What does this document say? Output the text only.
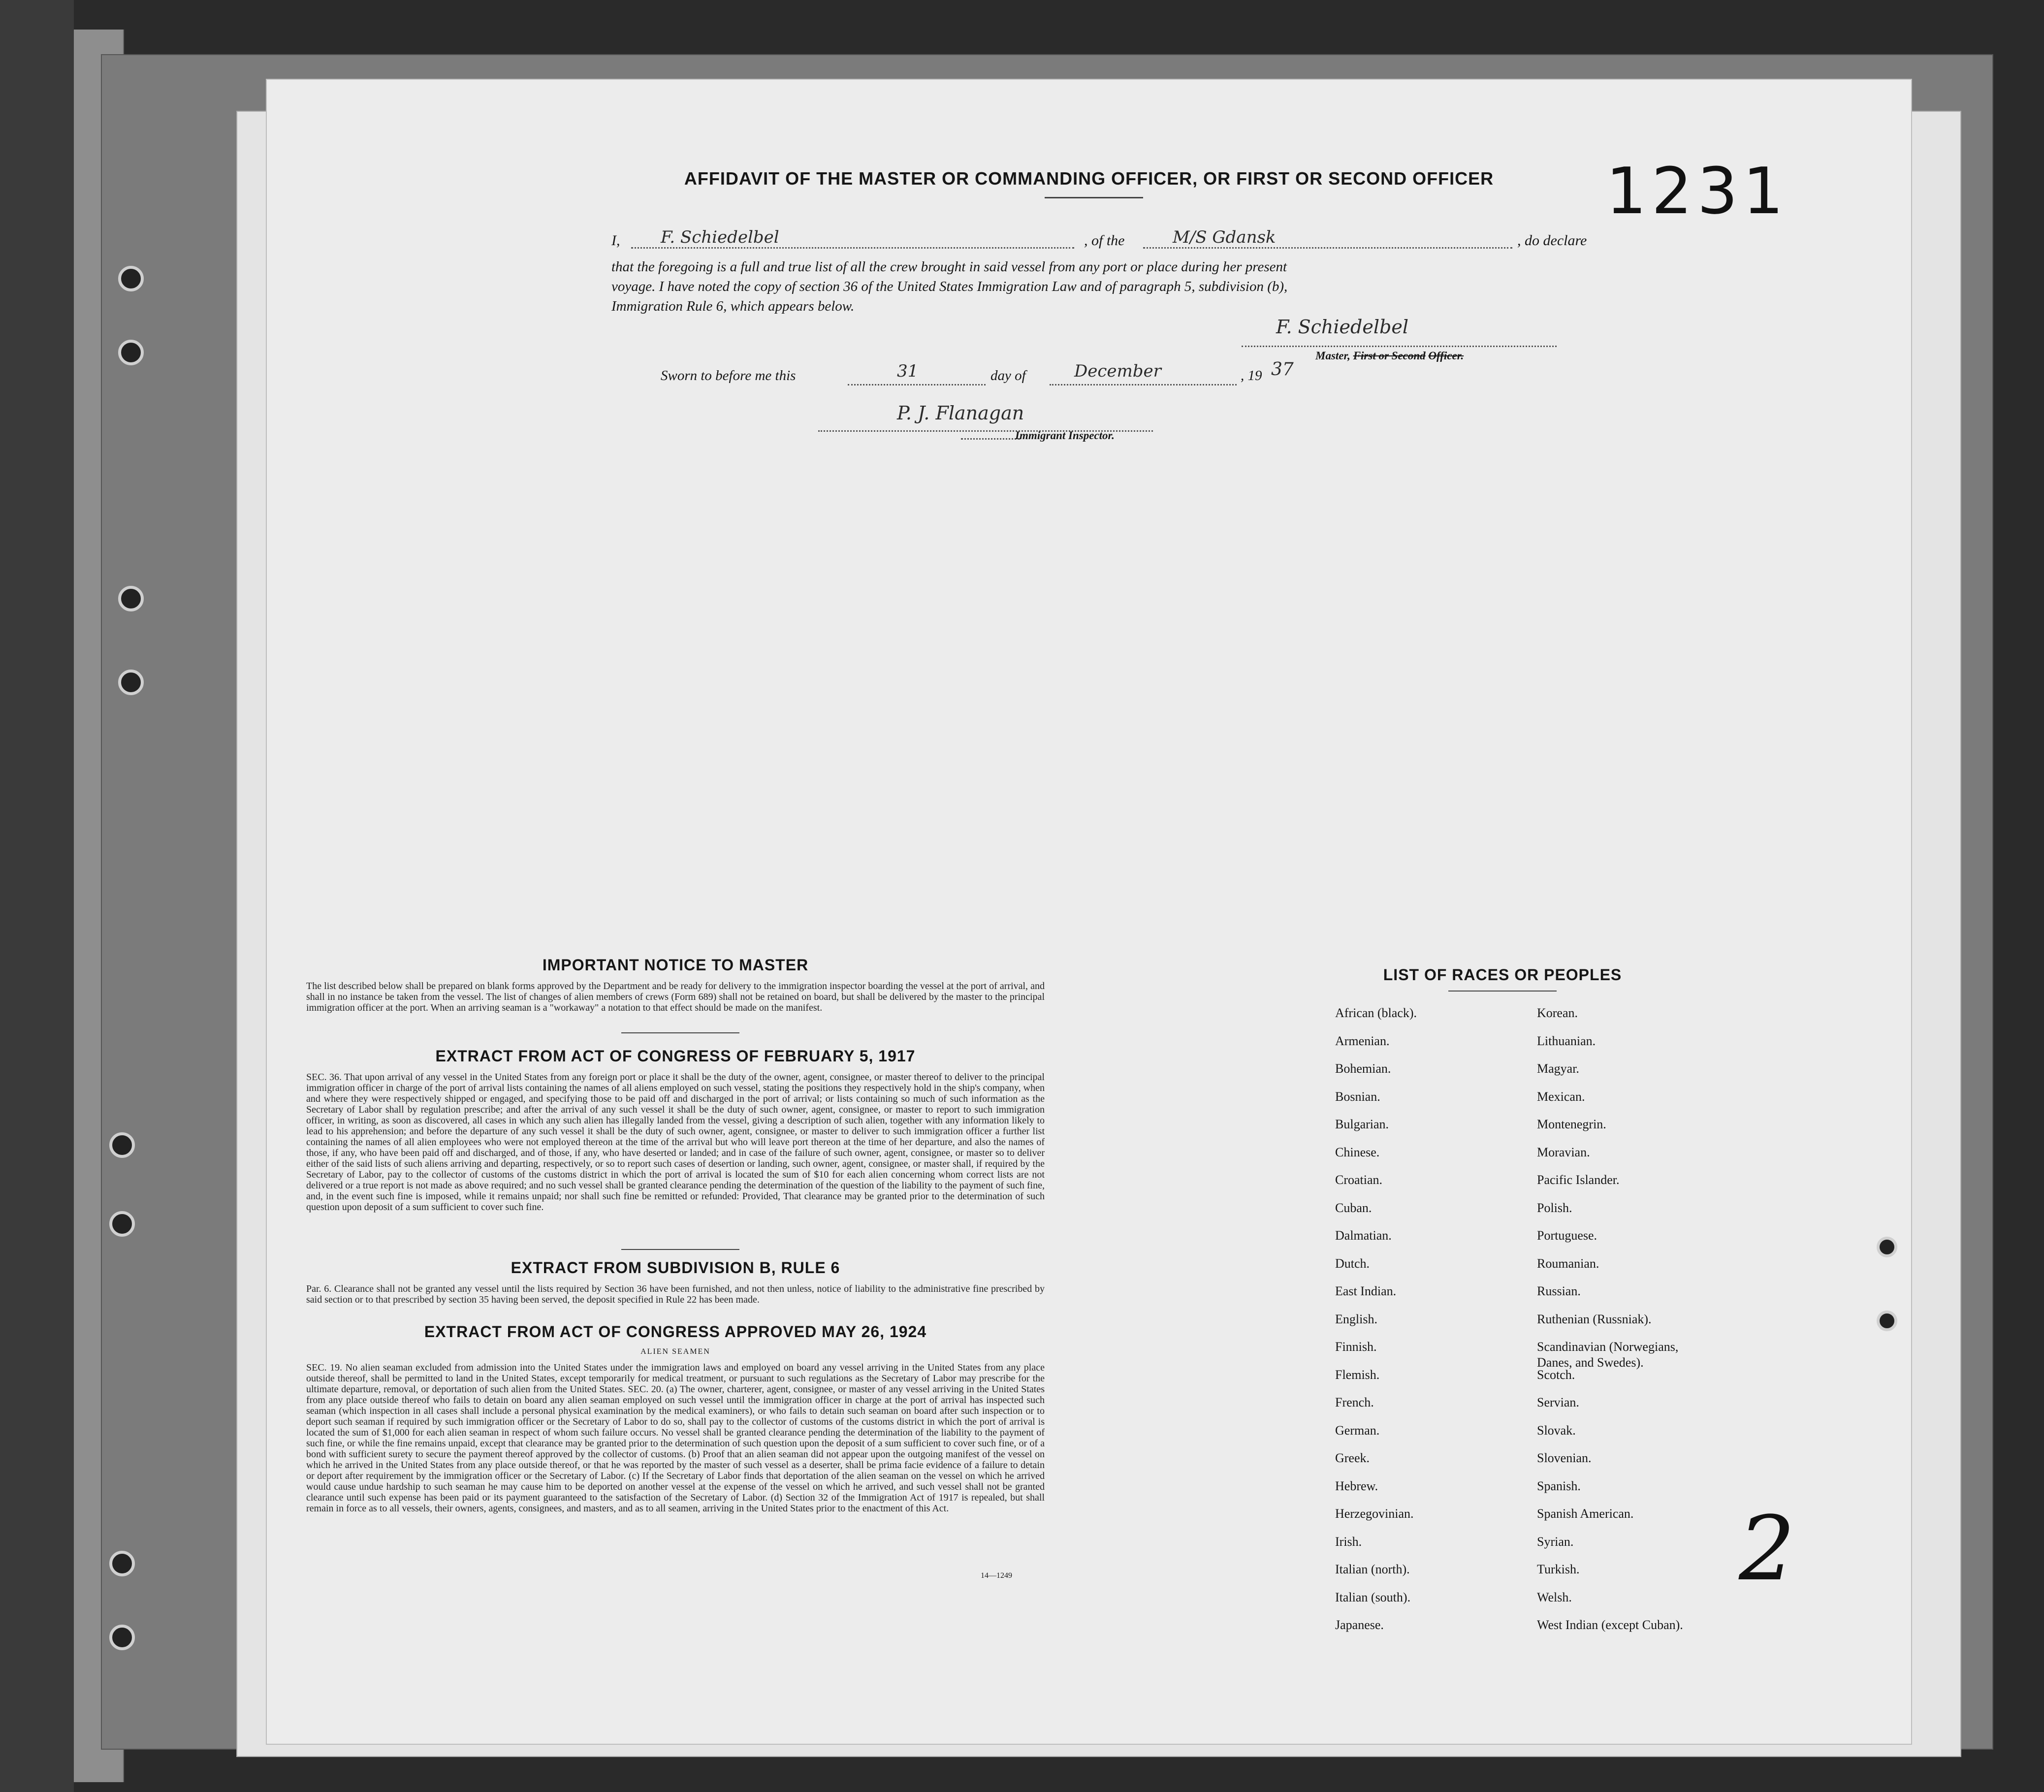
AFFIDAVIT OF THE MASTER OR COMMANDING OFFICER, OR FIRST OR SECOND OFFICER	1231
I, F. Schiedelbel	, of the	M/S Gdansk	, do declare
that the foregoing is a full and true list of all the crew brought in said vessel from any port or place during her present
voyage. I have noted the copy of section 36 of the United States Immigration Law and of paragraph 5, subdivision (b),
Immigration Rule 6, which appears below.
F. Schiedelbel
Master, First or Second Officer.
Sworn to before me this	31	day of	December	, 19 37
P. J. Flanagan
Immigrant Inspector.
IMPORTANT NOTICE TO MASTER
The list described below shall be prepared on blank forms approved by the Department and be ready for delivery to the immigration inspector boarding the vessel at the port of arrival, and shall in no instance be taken from the vessel. The list of changes of alien members of crews (Form 689) shall not be retained on board, but shall be delivered by the master to the principal immigration officer at the port. When an arriving seaman is a "workaway" a notation to that effect should be made on the manifest.
EXTRACT FROM ACT OF CONGRESS OF FEBRUARY 5, 1917
SEC. 36. That upon arrival of any vessel in the United States from any foreign port or place it shall be the duty of the owner, agent, consignee, or master thereof to deliver to the principal immigration officer in charge of the port of arrival lists containing the names of all aliens employed on such vessel, stating the positions they respectively hold in the ship's company, when and where they were respectively shipped or engaged, and specifying those to be paid off and discharged in the port of arrival; or lists containing so much of such information as the Secretary of Labor shall by regulation prescribe; and after the arrival of any such vessel it shall be the duty of such owner, agent, consignee, or master to report to such immigration officer, in writing, as soon as discovered, all cases in which any such alien has illegally landed from the vessel, giving a description of such alien, together with any information likely to lead to his apprehension; and before the departure of any such vessel it shall be the duty of such owner, agent, consignee, or master to deliver to such immigration officer a further list containing the names of all alien employees who were not employed thereon at the time of the arrival but who will leave port thereon at the time of her departure, and also the names of those, if any, who have been paid off and discharged, and of those, if any, who have deserted or landed; and in case of the failure of such owner, agent, consignee, or master so to deliver either of the said lists of such aliens arriving and departing, respectively, or so to report such cases of desertion or landing, such owner, agent, consignee, or master shall, if required by the Secretary of Labor, pay to the collector of customs of the customs district in which the port of arrival is located the sum of $10 for each alien concerning whom correct lists are not delivered or a true report is not made as above required; and no such vessel shall be granted clearance pending the determination of the question of the liability to the payment of such fine, and, in the event such fine is imposed, while it remains unpaid; nor shall such fine be remitted or refunded: Provided, That clearance may be granted prior to the determination of such question upon deposit of a sum sufficient to cover such fine.
EXTRACT FROM SUBDIVISION B, RULE 6
Par. 6. Clearance shall not be granted any vessel until the lists required by Section 36 have been furnished, and not then unless, notice of liability to the administrative fine prescribed by said section or to that prescribed by section 35 having been served, the deposit specified in Rule 22 has been made.
EXTRACT FROM ACT OF CONGRESS APPROVED MAY 26, 1924
ALIEN SEAMEN
SEC. 19. No alien seaman excluded from admission into the United States under the immigration laws and employed on board any vessel arriving in the United States from any place outside thereof, shall be permitted to land in the United States, except temporarily for medical treatment, or pursuant to such regulations as the Secretary of Labor may prescribe for the ultimate departure, removal, or deportation of such alien from the United States. SEC. 20. (a) The owner, charterer, agent, consignee, or master of any vessel arriving in the United States from any place outside thereof who fails to detain on board any alien seaman employed on such vessel until the immigration officer in charge at the port of arrival has inspected such seaman (which inspection in all cases shall include a personal physical examination by the medical examiners), or who fails to detain such seaman on board after such inspection or to deport such seaman if required by such immigration officer or the Secretary of Labor to do so, shall pay to the collector of customs of the customs district in which the port of arrival is located the sum of $1,000 for each alien seaman in respect of whom such failure occurs. No vessel shall be granted clearance pending the determination of the liability to the payment of such fine, or while the fine remains unpaid, except that clearance may be granted prior to the determination of such question upon the deposit of a sum sufficient to cover such fine, or of a bond with sufficient surety to secure the payment thereof approved by the collector of customs. (b) Proof that an alien seaman did not appear upon the outgoing manifest of the vessel on which he arrived in the United States from any place outside thereof, or that he was reported by the master of such vessel as a deserter, shall be prima facie evidence of a failure to detain or deport after requirement by the immigration officer or the Secretary of Labor. (c) If the Secretary of Labor finds that deportation of the alien seaman on the vessel on which he arrived would cause undue hardship to such seaman he may cause him to be deported on another vessel at the expense of the vessel on which he arrived, and such vessel shall not be granted clearance until such expense has been paid or its payment guaranteed to the satisfaction of the Secretary of Labor. (d) Section 32 of the Immigration Act of 1917 is repealed, but shall remain in force as to all vessels, their owners, agents, consignees, and masters, and as to all seamen, arriving in the United States prior to the enactment of this Act.
14—1249
LIST OF RACES OR PEOPLES
African (black).
Armenian.
Bohemian.
Bosnian.
Bulgarian.
Chinese.
Croatian.
Cuban.
Dalmatian.
Dutch.
East Indian.
English.
Finnish.
Flemish.
French.
German.
Greek.
Hebrew.
Herzegovinian.
Irish.
Italian (north).
Italian (south).
Japanese.
Korean.
Lithuanian.
Magyar.
Mexican.
Montenegrin.
Moravian.
Pacific Islander.
Polish.
Portuguese.
Roumanian.
Russian.
Ruthenian (Russniak).
Scandinavian (Norwegians,
Danes, and Swedes).
Scotch.
Servian.
Slovak.
Slovenian.
Spanish.
Spanish American.
Syrian.
Turkish.
Welsh.
West Indian (except Cuban).
2
